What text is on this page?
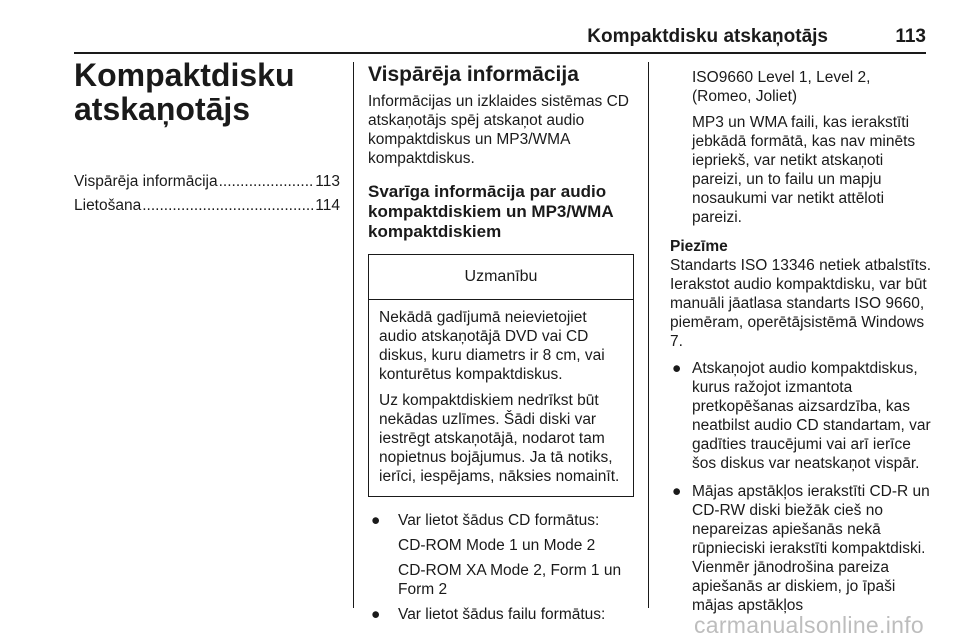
Kompaktdisku atskaņotājs	113
Kompaktdisku
atskaņotājs
Vispārēja informācija .....	113
Lietošana .....	114
Vispārēja informācija

Informācijas un izklaides sistēmas CD atskaņotājs spēj atskaņot audio kompaktdiskus un MP3/WMA kompaktdiskus.

Svarīga informācija par audio kompaktdiskiem un MP3/WMA kompaktdiskiem
Uzmanību

Nekādā gadījumā neievietojiet audio atskaņotājā DVD vai CD diskus, kuru diametrs ir 8 cm, vai konturētus kompaktdiskus.

Uz kompaktdiskiem nedrīkst būt nekādas uzlīmes. Šādi diski var iestrēgt atskaņotājā, nodarot tam nopietnus bojājumus. Ja tā notiks, ierīci, iespējams, nāksies nomainīt.

● Var lietot šādus CD formātus:

CD-ROM Mode 1 un Mode 2

CD-ROM XA Mode 2, Form 1 un Form 2

● Var lietot šādus failu formātus:

ISO9660 Level 1, Level 2, (Romeo, Joliet)

MP3 un WMA faili, kas ierakstīti jebkādā formātā, kas nav minēts iepriekš, var netikt atskaņoti pareizi, un to failu un mapju nosaukumi var netikt attēloti pareizi.

Piezīme

Standarts ISO 13346 netiek atbalstīts. Ierakstot audio kompaktdisku, var būt manuāli jāatlasa standarts ISO 9660, piemēram, operētājsistēmā Windows 7.

● Atskaņojot audio kompaktdiskus, kurus ražojot izmantota pretkopēšanas aizsardzība, kas neatbilst audio CD standartam, var gadīties traucējumi vai arī ierīce šos diskus var neatskaņot vispār.
● Mājas apstākļos ierakstīti CD-R un CD-RW diski biežāk cieš no nepareizas apiešanās nekā rūpnieciski ierakstīti kompaktdiski. Vienmēr jānodrošina pareiza apiešanās ar diskiem, jo īpaši mājas apstākļos
carmanualsonline.info
